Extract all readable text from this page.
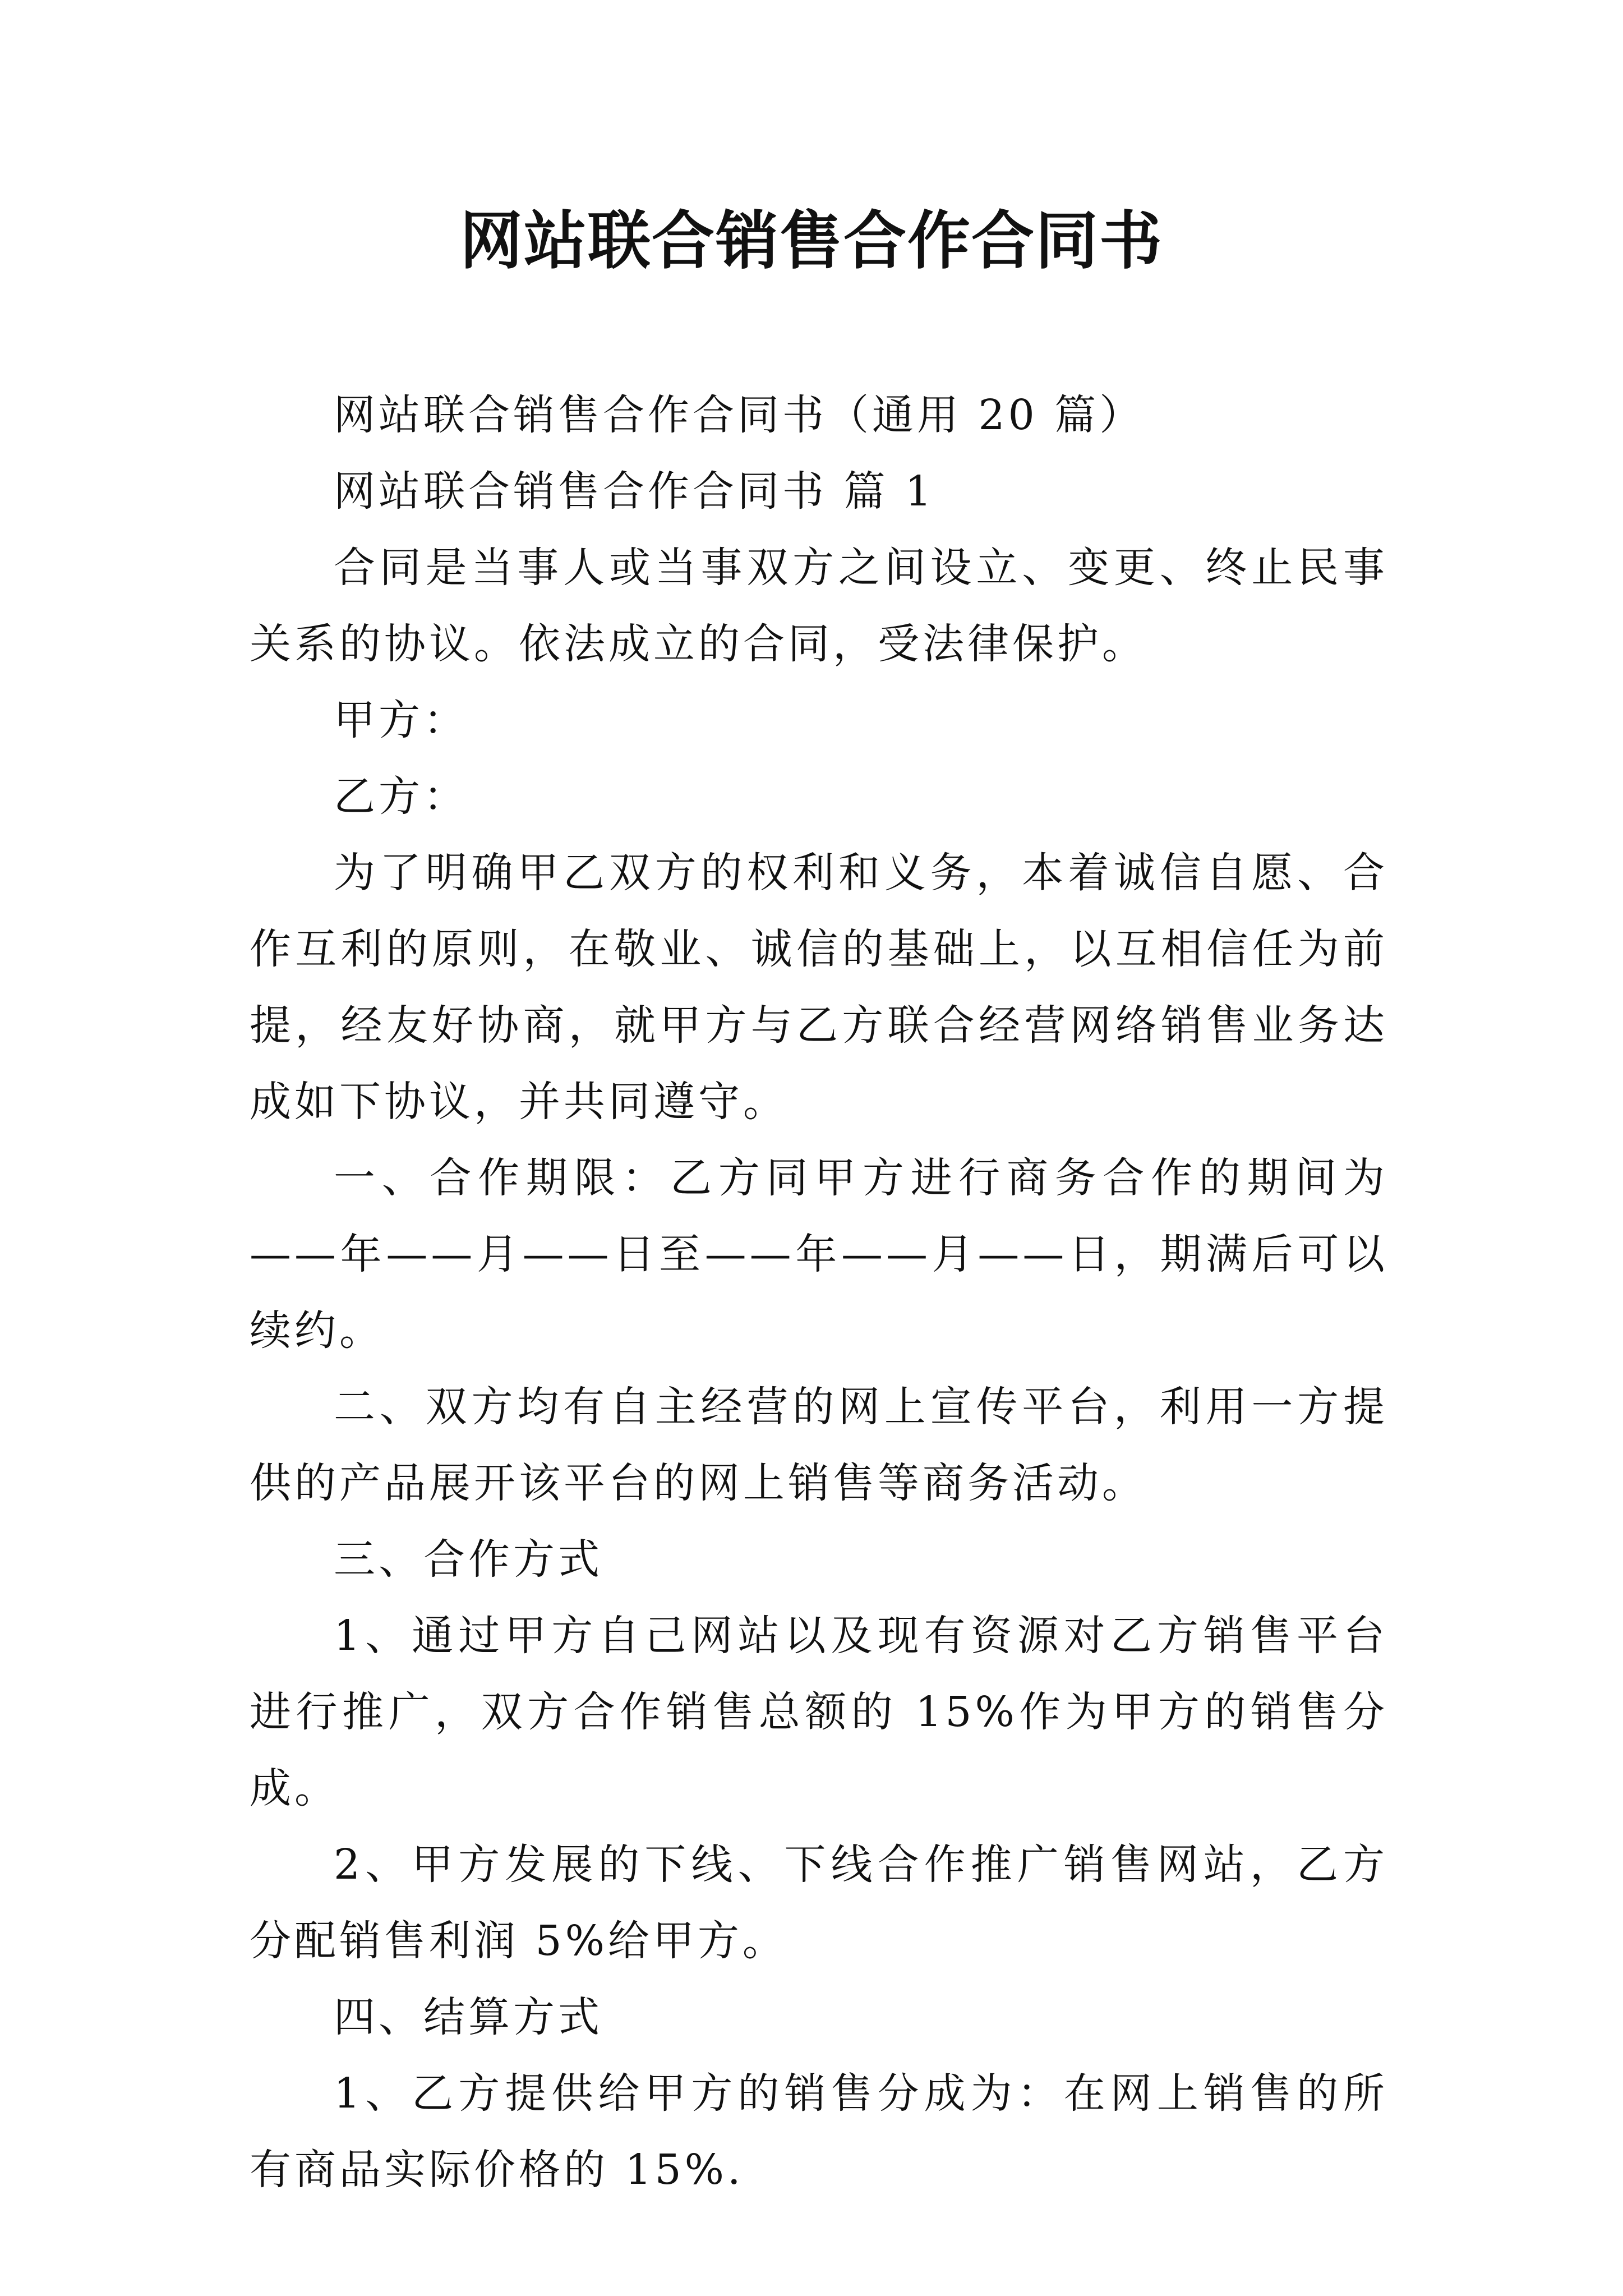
网站联合销售合作合同书

网站联合销售合作合同书（通用 20 篇）

网站联合销售合作合同书 篇 1

合同是当事人或当事双方之间设立、变更、终止民事关系的协议。依法成立的合同，受法律保护。

甲方：

乙方：

为了明确甲乙双方的权利和义务，本着诚信自愿、合作互利的原则，在敬业、诚信的基础上，以互相信任为前提，经友好协商，就甲方与乙方联合经营网络销售业务达成如下协议，并共同遵守。

一、合作期限：乙方同甲方进行商务合作的期间为——年——月——日至——年——月——日，期满后可以续约。

二、双方均有自主经营的网上宣传平台，利用一方提供的产品展开该平台的网上销售等商务活动。

三、合作方式

1、通过甲方自己网站以及现有资源对乙方销售平台进行推广，双方合作销售总额的 15%作为甲方的销售分成。

2、甲方发展的下线、下线合作推广销售网站，乙方分配销售利润 5%给甲方。

四、结算方式

1、乙方提供给甲方的销售分成为：在网上销售的所有商品实际价格的 15%.
